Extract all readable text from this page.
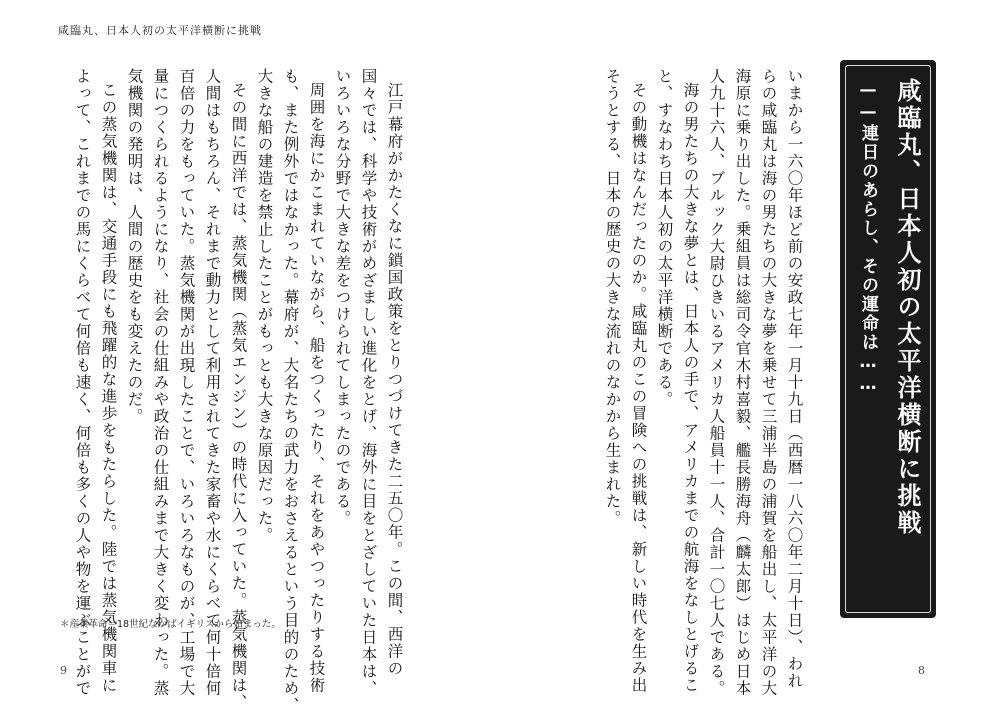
咸臨丸、日本人初の太平洋横断に挑戦
咸臨丸、日本人初の太平洋横断に挑戦
——連日のあらし、その運命は……
いまから一六〇年ほど前の安政七年一月十九日（西暦一八六〇年二月十日）、われ
らの咸臨丸は海の男たちの大きな夢を乗せて三浦半島の浦賀を船出し、太平洋の大
海原に乗り出した。乗組員は総司令官木村喜毅、艦長勝海舟（麟太郎）はじめ日本
人九十六人、ブルック大尉ひきいるアメリカ人船員十一人、合計一〇七人である。
海の男たちの大きな夢とは、日本人の手で、アメリカまでの航海をなしとげるこ
と、すなわち日本人初の太平洋横断である。
その動機はなんだったのか。咸臨丸のこの冒険への挑戦は、新しい時代を生み出
そうとする、日本の歴史の大きな流れのなかから生まれた。
江戸幕府がかたくなに鎖国政策をとりつづけてきた二五〇年。この間、西洋の
国々では、科学や技術がめざましい進化をとげ、海外に目をとざしていた日本は、
いろいろな分野で大きな差をつけられてしまったのである。
周囲を海にかこまれていながら、船をつくったり、それをあやつったりする技術
も、また例外ではなかった。幕府が、大名たちの武力をおさえるという目的のため、
大きな船の建造を禁止したことがもっとも大きな原因だった。
その間に西洋では、蒸気機関（蒸気エンジン）の時代に入っていた。蒸気機関は、
人間はもちろん、それまで動力として利用されてきた家畜や水にくらべて何十倍何
百倍の力をもっていた。蒸気機関が出現したことで、いろいろなものが、工場で大
量につくられるようになり、社会の仕組みや政治の仕組みまで大きく変わった。蒸
気機関の発明は、人間の歴史をも変えたのだ。
この蒸気機関は、交通手段にも飛躍的な進歩をもたらした。陸では蒸気機関車に
よって、これまでの馬にくらべて何倍も速く、何倍も多くの人や物を運ぶことがで
＊産業革命＝18世紀なかばイギリスから始まった。
9	8
